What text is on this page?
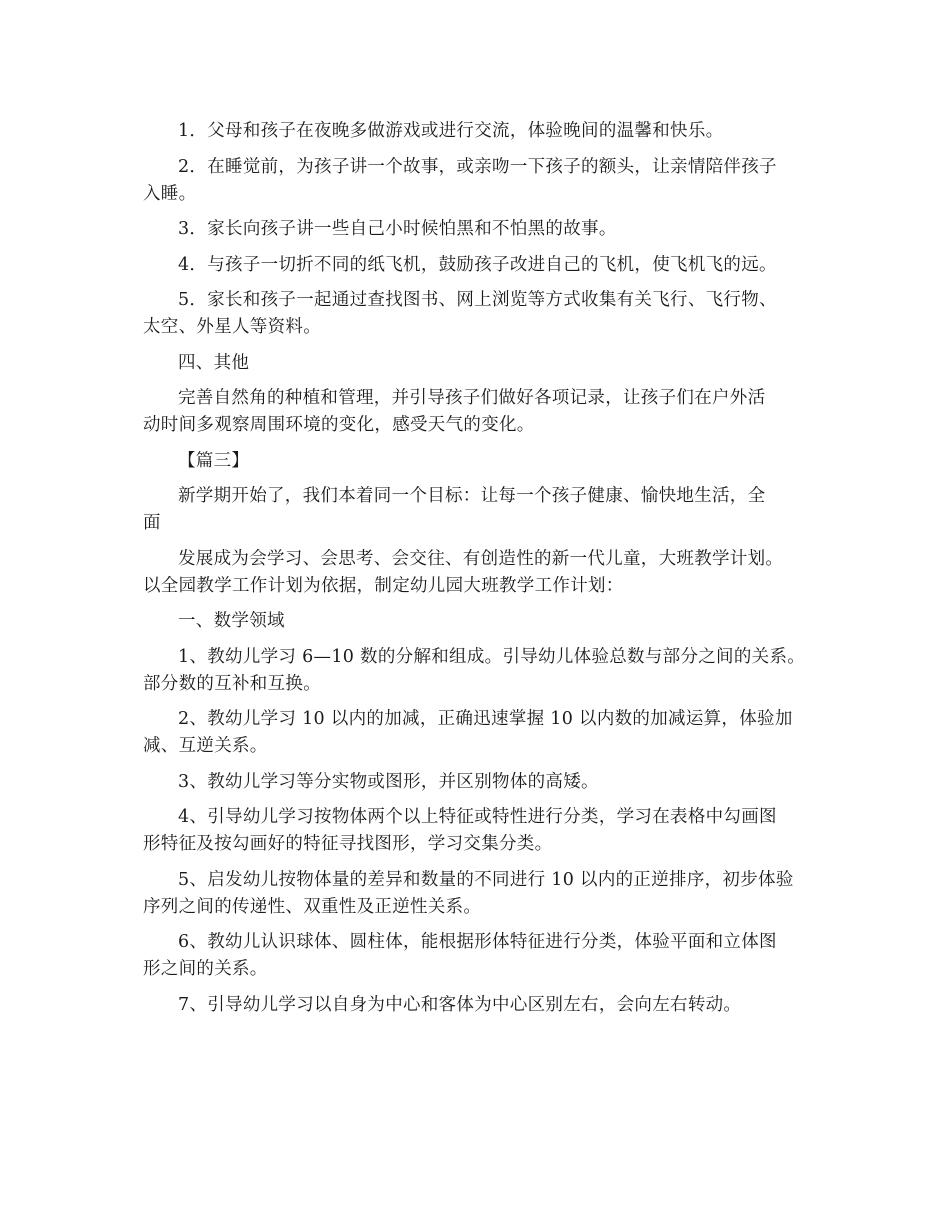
1．父母和孩子在夜晚多做游戏或进行交流，体验晚间的温馨和快乐。
2．在睡觉前，为孩子讲一个故事，或亲吻一下孩子的额头，让亲情陪伴孩子
入睡。
3．家长向孩子讲一些自己小时候怕黑和不怕黑的故事。
4．与孩子一切折不同的纸飞机，鼓励孩子改进自己的飞机，使飞机飞的远。
5．家长和孩子一起通过查找图书、网上浏览等方式收集有关飞行、飞行物、
太空、外星人等资料。
四、其他
完善自然角的种植和管理，并引导孩子们做好各项记录，让孩子们在户外活
动时间多观察周围环境的变化，感受天气的变化。
【篇三】
新学期开始了，我们本着同一个目标：让每一个孩子健康、愉快地生活，全
面
发展成为会学习、会思考、会交往、有创造性的新一代儿童，大班教学计划。
以全园教学工作计划为依据，制定幼儿园大班教学工作计划：
一、数学领域
1、教幼儿学习 6—10 数的分解和组成。引导幼儿体验总数与部分之间的关系。
部分数的互补和互换。
2、教幼儿学习 10 以内的加减，正确迅速掌握 10 以内数的加减运算，体验加
减、互逆关系。
3、教幼儿学习等分实物或图形，并区别物体的高矮。
4、引导幼儿学习按物体两个以上特征或特性进行分类，学习在表格中勾画图
形特征及按勾画好的特征寻找图形，学习交集分类。
5、启发幼儿按物体量的差异和数量的不同进行 10 以内的正逆排序，初步体验
序列之间的传递性、双重性及正逆性关系。
6、教幼儿认识球体、圆柱体，能根据形体特征进行分类，体验平面和立体图
形之间的关系。
7、引导幼儿学习以自身为中心和客体为中心区别左右，会向左右转动。
